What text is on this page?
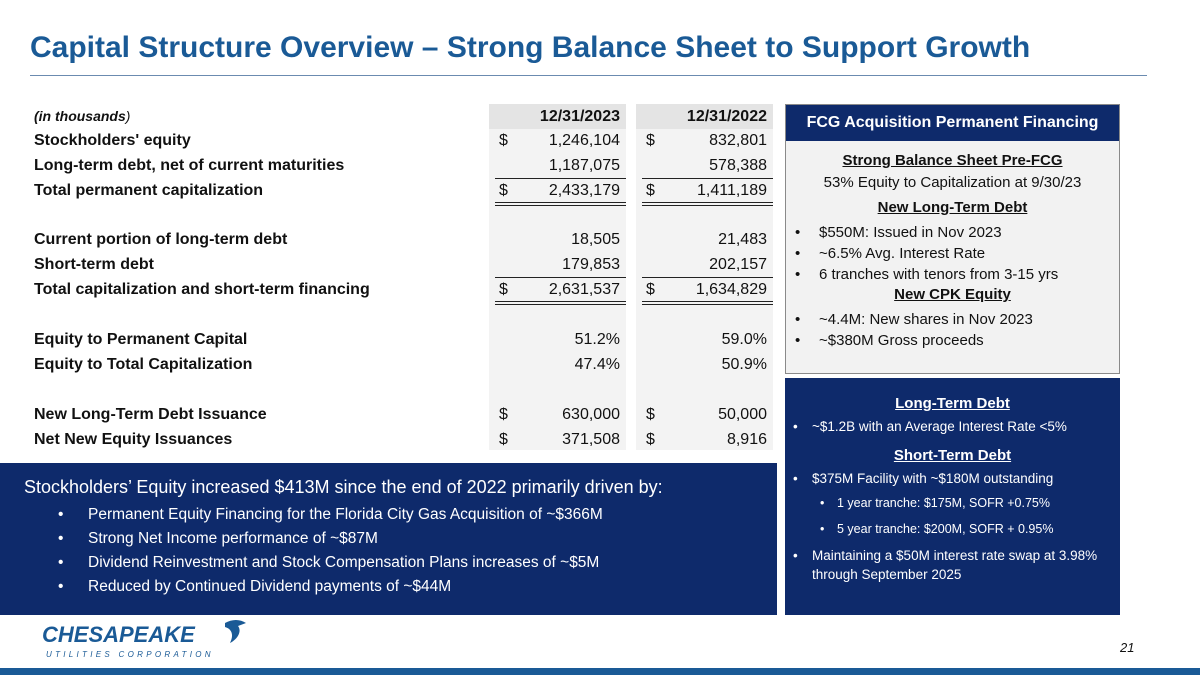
Capital Structure Overview – Strong Balance Sheet to Support Growth
(in thousands)	12/31/2023	12/31/2022
Stockholders' equity	$	1,246,104	$	832,801
Long-term debt, net of current maturities	1,187,075	578,388
Total permanent capitalization	$	2,433,179	$	1,411,189
Current portion of long-term debt	18,505	21,483
Short-term debt	179,853	202,157
Total capitalization and short-term financing	$	2,631,537	$	1,634,829
Equity to Permanent Capital	51.2%	59.0%
Equity to Total Capitalization	47.4%	50.9%
New Long-Term Debt Issuance	$	630,000	$	50,000
Net New Equity Issuances	$	371,508	$	8,916
FCG Acquisition Permanent Financing
Strong Balance Sheet Pre-FCG
53% Equity to Capitalization at 9/30/23
New Long-Term Debt
• $550M: Issued in Nov 2023
• ~6.5% Avg. Interest Rate
• 6 tranches with tenors from 3-15 yrs
New CPK Equity
• ~4.4M: New shares in Nov 2023
• ~$380M Gross proceeds
Long-Term Debt
• ~$1.2B with an Average Interest Rate <5%
Short-Term Debt
• $375M Facility with ~$180M outstanding
• 1 year tranche: $175M, SOFR +0.75%
• 5 year tranche: $200M, SOFR + 0.95%
• Maintaining a $50M interest rate swap at 3.98% through September 2025
Stockholders’ Equity increased $413M since the end of 2022 primarily driven by:
• Permanent Equity Financing for the Florida City Gas Acquisition of ~$366M
• Strong Net Income performance of ~$87M
• Dividend Reinvestment and Stock Compensation Plans increases of ~$5M
• Reduced by Continued Dividend payments of ~$44M
CHESAPEAKE
UTILITIES CORPORATION	21
